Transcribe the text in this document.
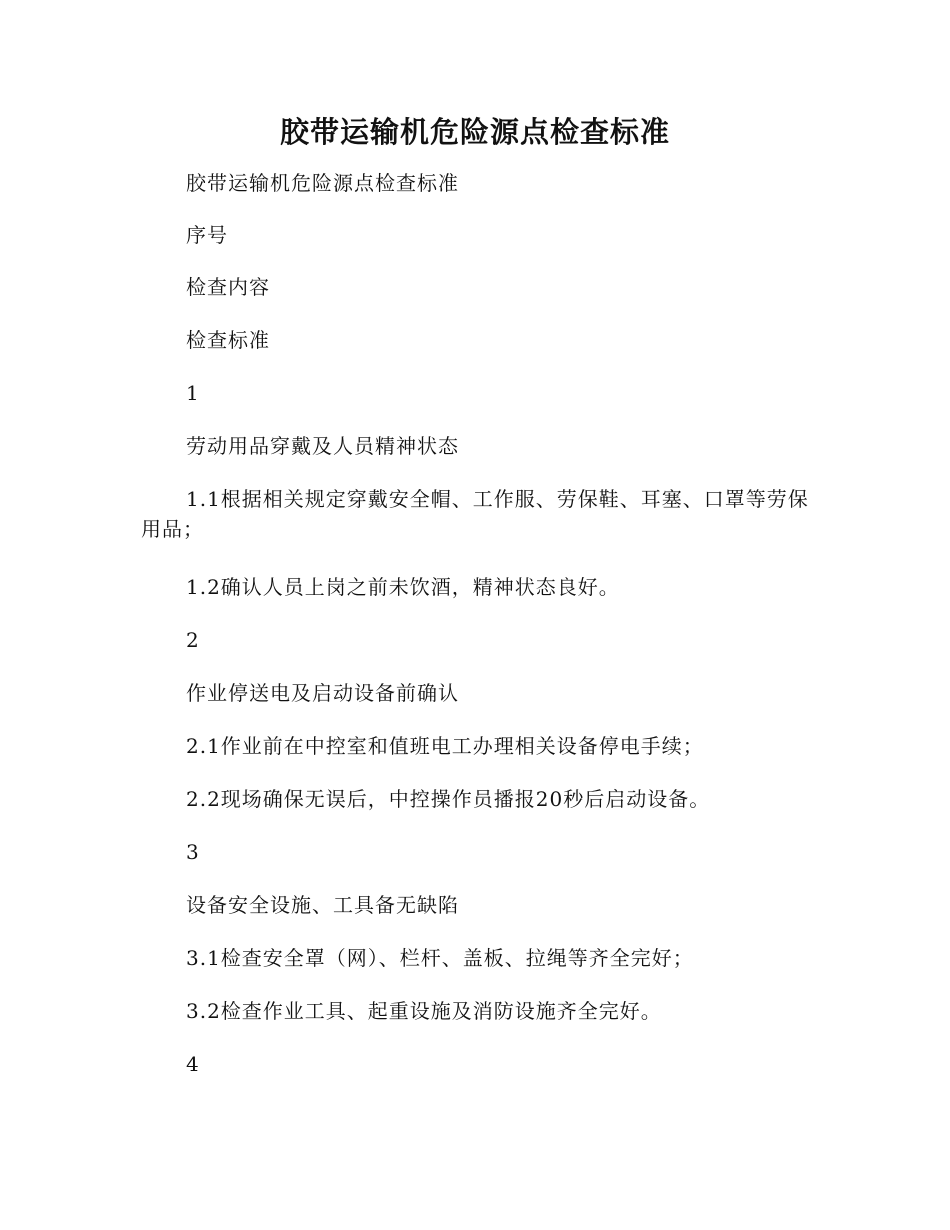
胶带运输机危险源点检查标准

胶带运输机危险源点检查标准

序号

检查内容

检查标准

1

劳动用品穿戴及人员精神状态

1.1根据相关规定穿戴安全帽、工作服、劳保鞋、耳塞、口罩等劳保用品；

1.2确认人员上岗之前未饮酒，精神状态良好。

2

作业停送电及启动设备前确认

2.1作业前在中控室和值班电工办理相关设备停电手续；

2.2现场确保无误后，中控操作员播报20秒后启动设备。

3

设备安全设施、工具备无缺陷

3.1检查安全罩（网）、栏杆、盖板、拉绳等齐全完好；

3.2检查作业工具、起重设施及消防设施齐全完好。

4
